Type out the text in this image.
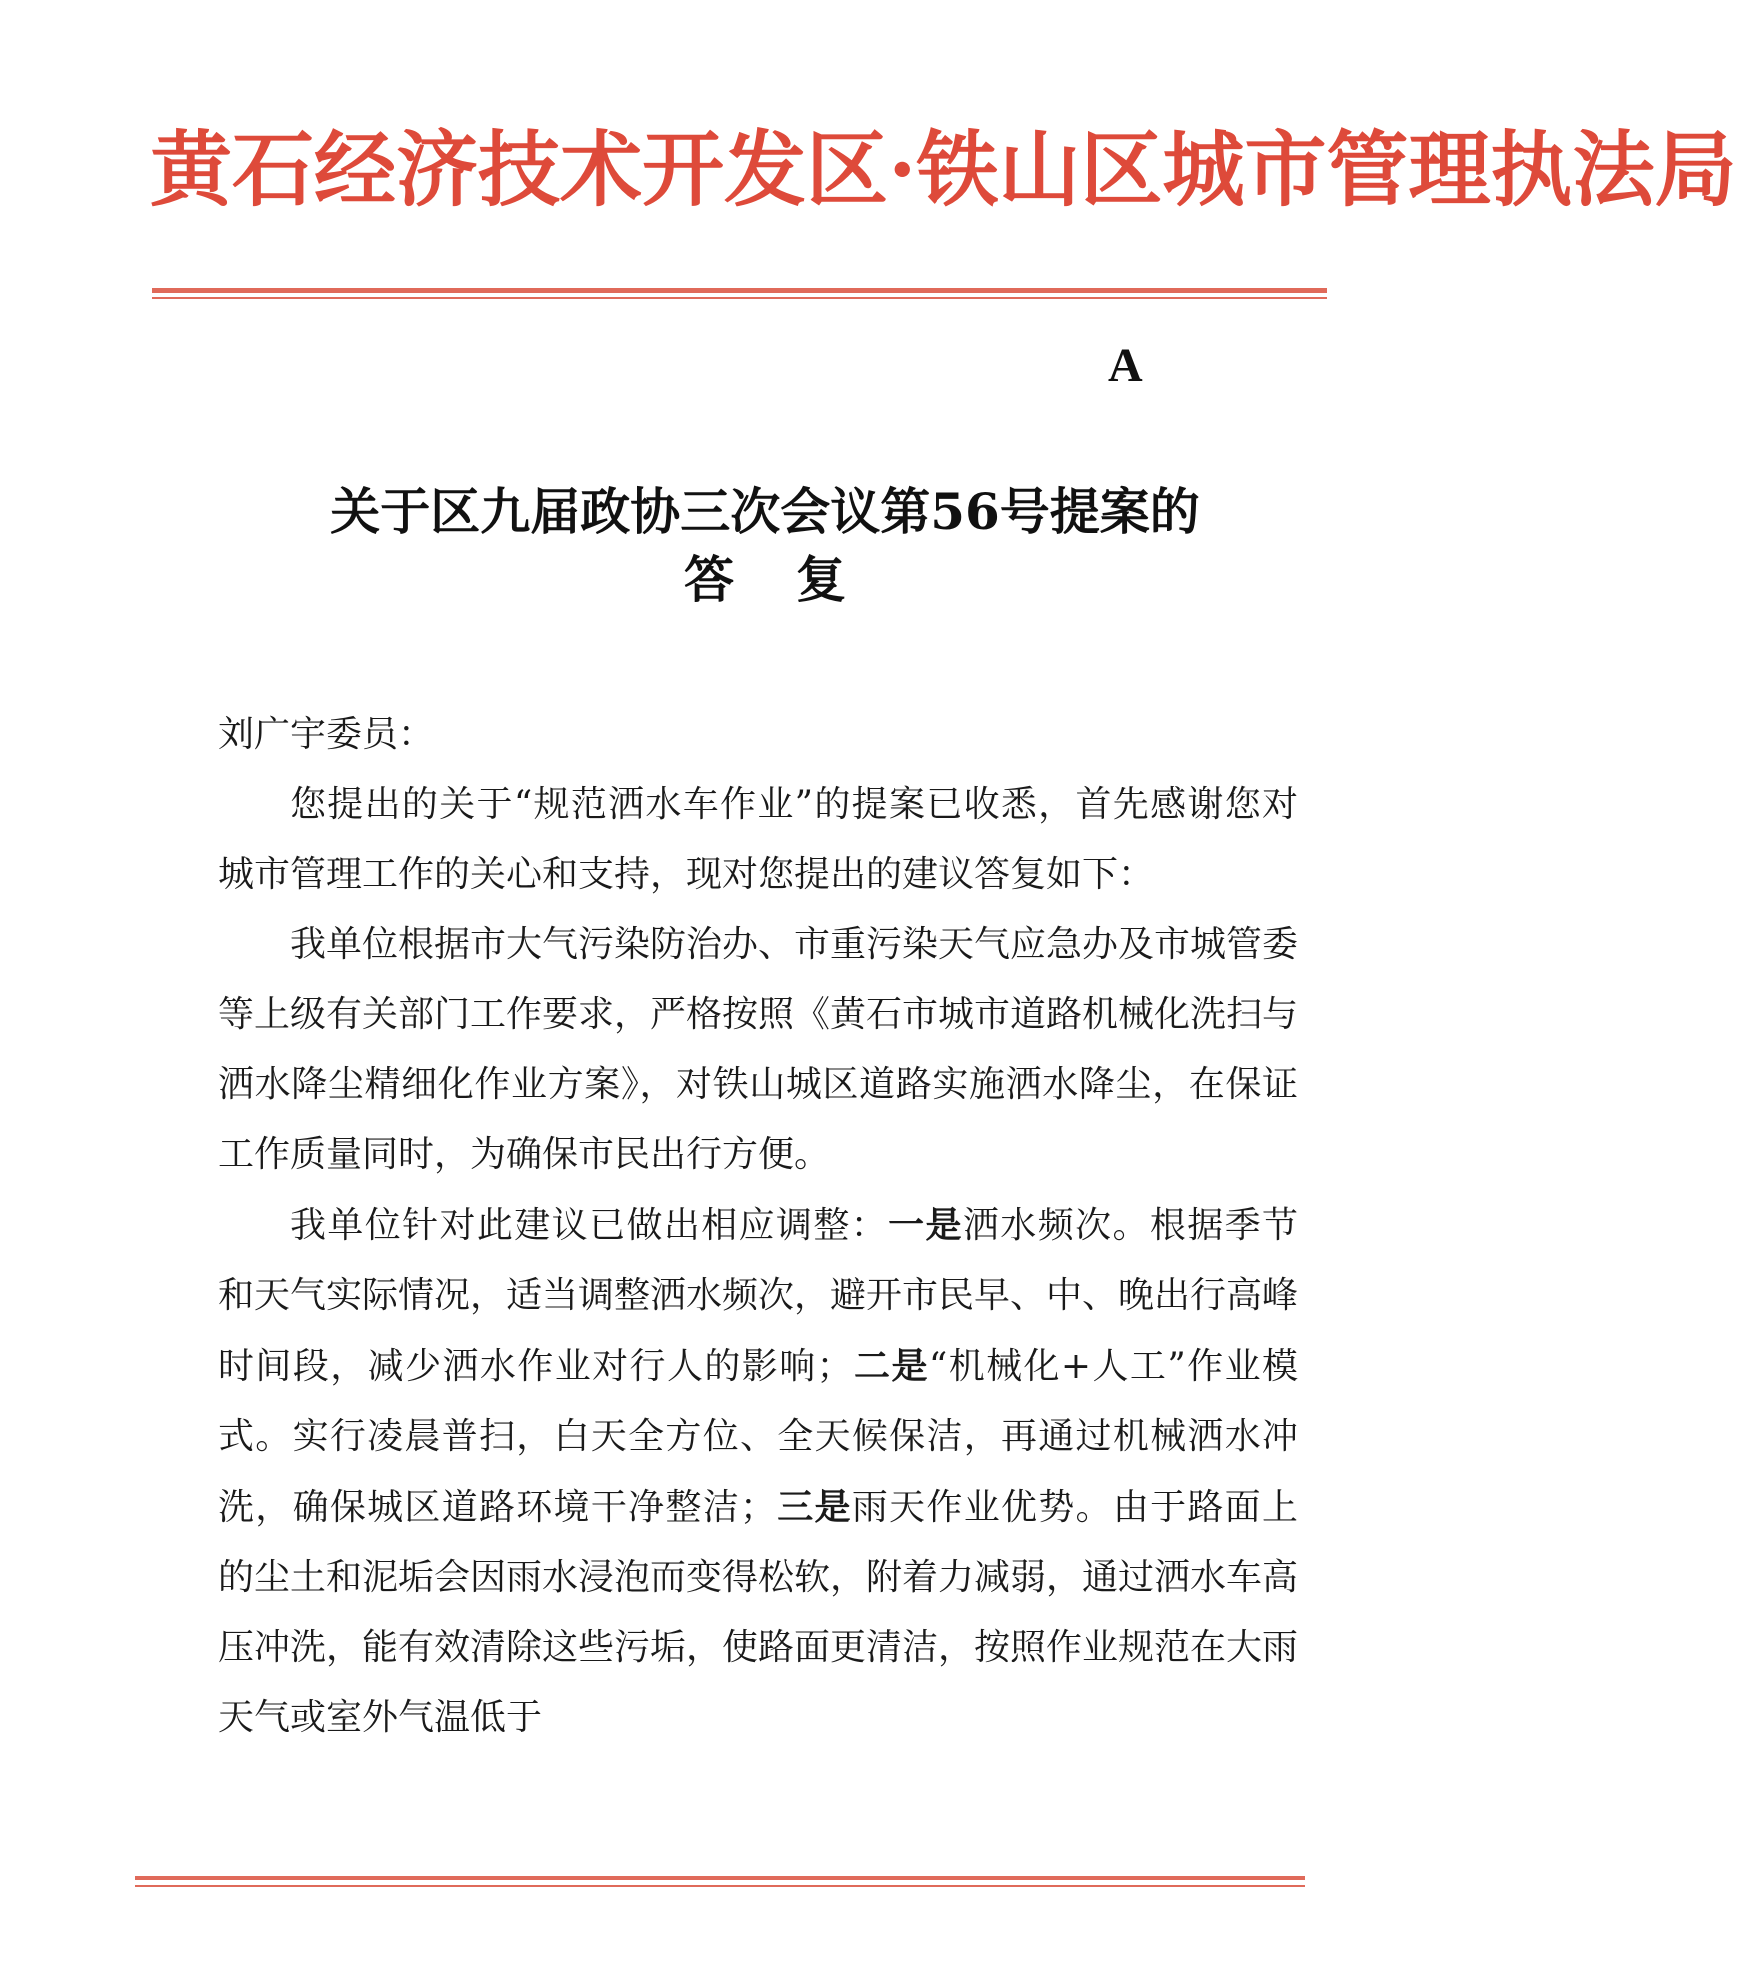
黄石经济技术开发区·铁山区城市管理执法局
A
关于区九届政协三次会议第56号提案的
答复

刘广宇委员：

您提出的关于“规范洒水车作业”的提案已收悉，首先感谢您对城市管理工作的关心和支持，现对您提出的建议答复如下：

我单位根据市大气污染防治办、市重污染天气应急办及市城管委等上级有关部门工作要求，严格按照《黄石市城市道路机械化洗扫与洒水降尘精细化作业方案》，对铁山城区道路实施洒水降尘，在保证工作质量同时，为确保市民出行方便。

我单位针对此建议已做出相应调整：一是洒水频次。根据季节和天气实际情况，适当调整洒水频次，避开市民早、中、晚出行高峰时间段，减少洒水作业对行人的影响；二是“机械化+人工”作业模式。实行凌晨普扫，白天全方位、全天候保洁，再通过机械洒水冲洗，确保城区道路环境干净整洁；三是雨天作业优势。由于路面上的尘土和泥垢会因雨水浸泡而变得松软，附着力减弱，通过洒水车高压冲洗，能有效清除这些污垢，使路面更清洁，按照作业规范在大雨天气或室外气温低于
